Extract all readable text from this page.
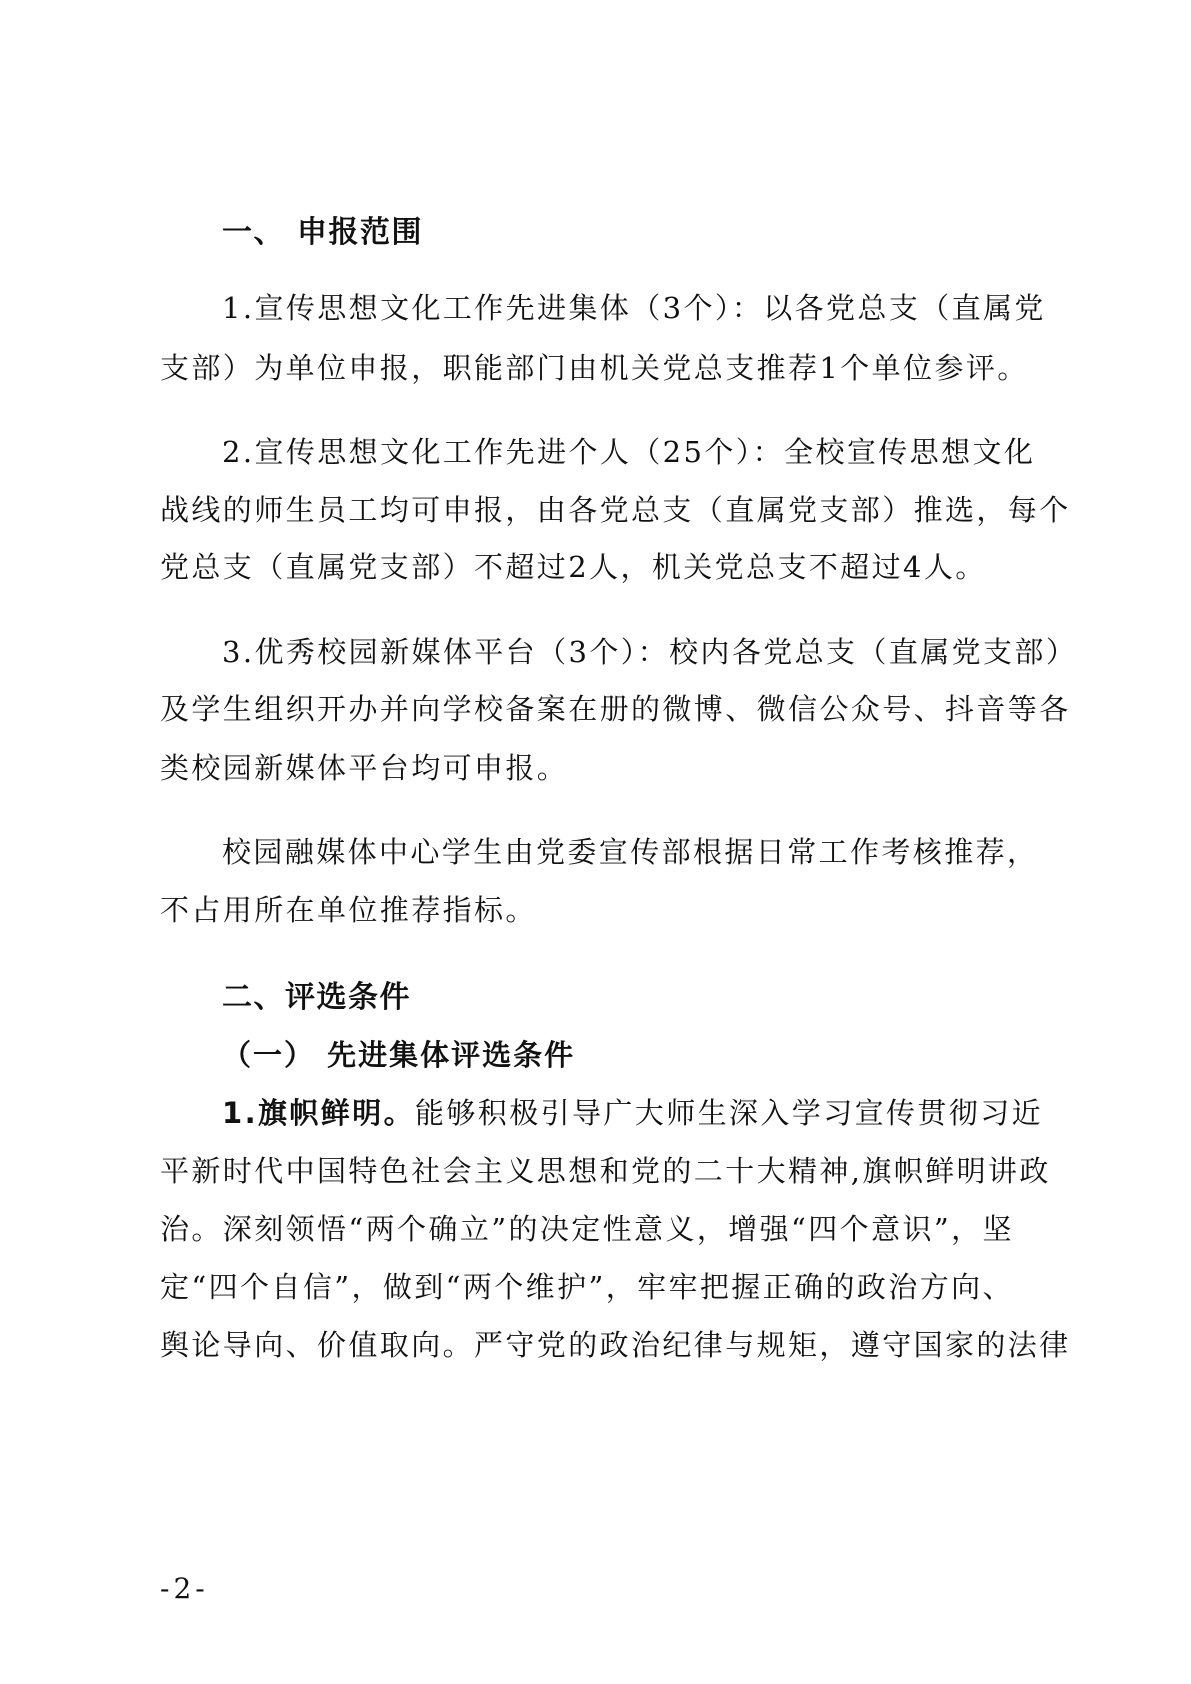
一、 申报范围
1.宣传思想文化工作先进集体（3个）：以各党总支（直属党
支部）为单位申报，职能部门由机关党总支推荐1个单位参评。
2.宣传思想文化工作先进个人（25个）：全校宣传思想文化
战线的师生员工均可申报，由各党总支（直属党支部）推选，每个
党总支（直属党支部）不超过2人，机关党总支不超过4人。
3.优秀校园新媒体平台（3个）：校内各党总支（直属党支部）
及学生组织开办并向学校备案在册的微博、微信公众号、抖音等各
类校园新媒体平台均可申报。
校园融媒体中心学生由党委宣传部根据日常工作考核推荐，
不占用所在单位推荐指标。
二、评选条件
（一） 先进集体评选条件
1.旗帜鲜明。能够积极引导广大师生深入学习宣传贯彻习近
平新时代中国特色社会主义思想和党的二十大精神,旗帜鲜明讲政
治。深刻领悟“两个确立”的决定性意义，增强“四个意识”，坚
定“四个自信”，做到“两个维护”，牢牢把握正确的政治方向、
舆论导向、价值取向。严守党的政治纪律与规矩，遵守国家的法律
-2-
